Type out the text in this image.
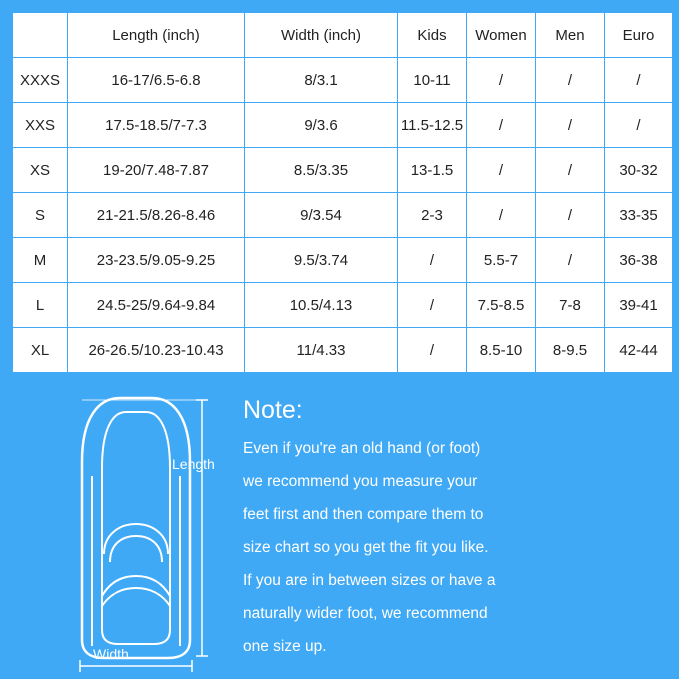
	Length (inch)	Width (inch)	Kids	Women	Men	Euro
XXXS	16-17/6.5-6.8	8/3.1	10-11	/	/	/
XXS	17.5-18.5/7-7.3	9/3.6	11.5-12.5	/	/	/
XS	19-20/7.48-7.87	8.5/3.35	13-1.5	/	/	30-32
S	21-21.5/8.26-8.46	9/3.54	2-3	/	/	33-35
M	23-23.5/9.05-9.25	9.5/3.74	/	5.5-7	/	36-38
L	24.5-25/9.64-9.84	10.5/4.13	/	7.5-8.5	7-8	39-41
XL	26-26.5/10.23-10.43	11/4.33	/	8.5-10	8-9.5	42-44
Length
Width
Note:
Even if you're an old hand (or foot)
we recommend you measure your
feet first and then compare them to
size chart so you get the fit you like.
If you are in between sizes or have a
naturally wider foot, we recommend
one size up.
